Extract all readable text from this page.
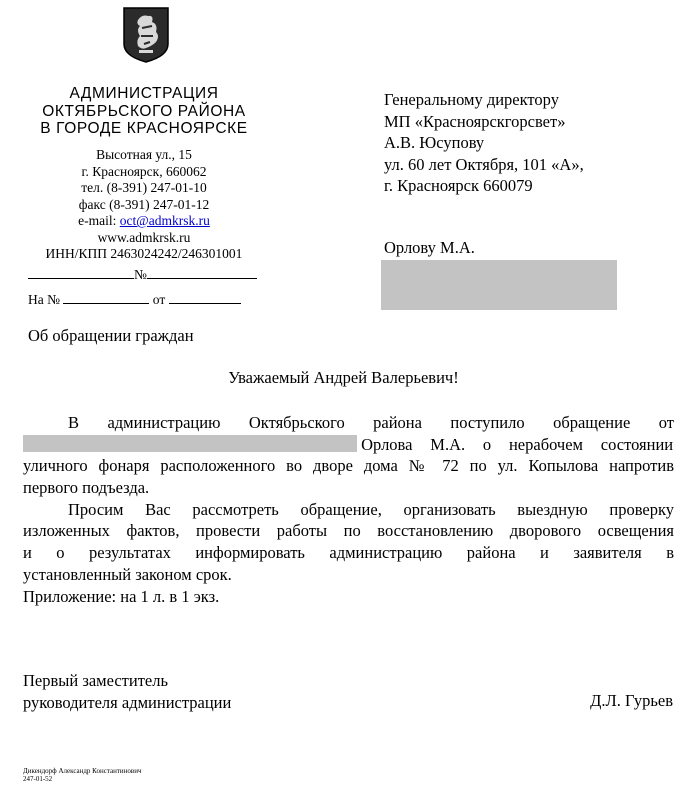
АДМИНИСТРАЦИЯ
ОКТЯБРЬСКОГО РАЙОНА
В ГОРОДЕ КРАСНОЯРСКЕ
Высотная ул., 15
г. Красноярск, 660062
тел. (8-391) 247-01-10
факс (8-391) 247-01-12
e-mail: oct@admkrsk.ru
www.admkrsk.ru
ИНН/КПП 2463024242/246301001
№
На №	от
Об обращении граждан
Генеральному директору
МП «Красноярскгорсвет»
А.В. Юсупову
ул. 60 лет Октября, 101 «А»,
г. Красноярск 660079
Орлову М.А.
Уважаемый Андрей Валерьевич!
В администрацию Октябрьского района поступило обращение от
Орлова М.А. о нерабочем состоянии
уличного фонаря расположенного во дворе дома № 72 по ул. Копылова напротив
первого подъезда.
Просим Вас рассмотреть обращение, организовать выездную проверку
изложенных фактов, провести работы по восстановлению дворового освещения
и о результатах информировать администрацию района и заявителя в
установленный законом срок.
Приложение: на 1 л. в 1 экз.
Первый заместитель
руководителя администрации	Д.Л. Гурьев
Дикендорф Александр Константинович
247-01-52
